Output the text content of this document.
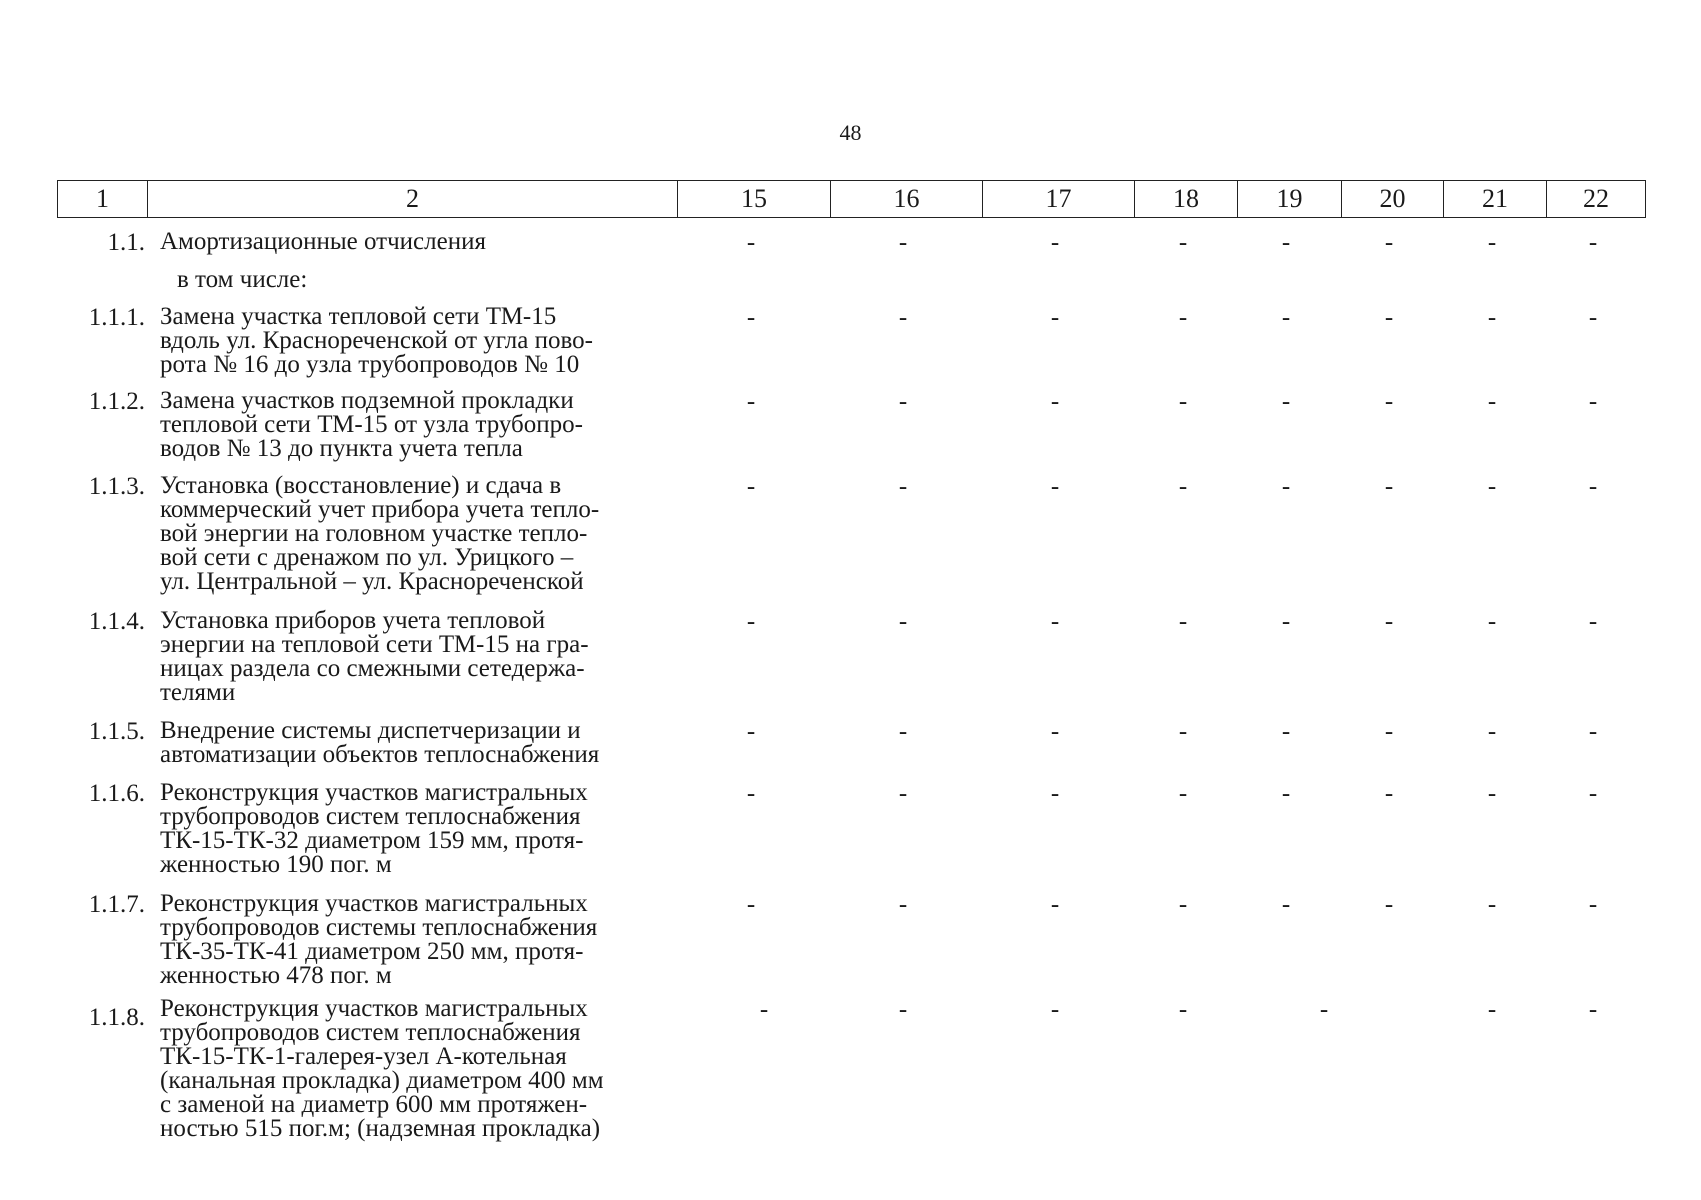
48
1	2	15	16	17	18	19	20	21	22
1.1. Амортизационные отчисления	-	-	-	-	-	-	-	-
в том числе:
1.1.1. Замена участка тепловой сети ТМ-15
вдоль ул. Красноречeнской от угла пово-
рота № 16 до узла трубопроводов № 10
-	-	-	-	-	-	-	-
1.1.2. Замена участков подземной прокладки
тепловой сети ТМ-15 от узла трубопро-
водов № 13 до пункта учета тепла
-	-	-	-	-	-	-	-
1.1.3. Установка (восстановление) и сдача в
коммерческий учет прибора учета тепло-
вой энергии на головном участке тепло-
вой сети с дренажом по ул. Урицкого –
ул. Центральной – ул. Краснореченской
-	-	-	-	-	-	-	-
1.1.4. Установка приборов учета тепловой
энергии на тепловой сети ТМ-15 на гра-
ницах раздела со смежными сетедержа-
телями
-	-	-	-	-	-	-	-
1.1.5. Внедрение системы диспетчеризации и
автоматизации объектов теплоснабжения
-	-	-	-	-	-	-	-
1.1.6. Реконструкция участков магистральных
трубопроводов систем теплоснабжения
ТК-15-ТК-32 диаметром 159 мм, протя-
женностью 190 пог. м
-	-	-	-	-	-	-	-
1.1.7. Реконструкция участков магистральных
трубопроводов системы теплоснабжения
ТК-35-ТК-41 диаметром 250 мм, протя-
женностью 478 пог. м
-	-	-	-	-	-	-	-
1.1.8. Реконструкция участков магистральных
трубопроводов систем теплоснабжения
ТК-15-ТК-1-галерея-узел А-котельная
(канальная прокладка) диаметром 400 мм
с заменой на диаметр 600 мм протяжен-
ностью 515 пог.м; (надземная прокладка)
-	-	-	-	-	-	-
